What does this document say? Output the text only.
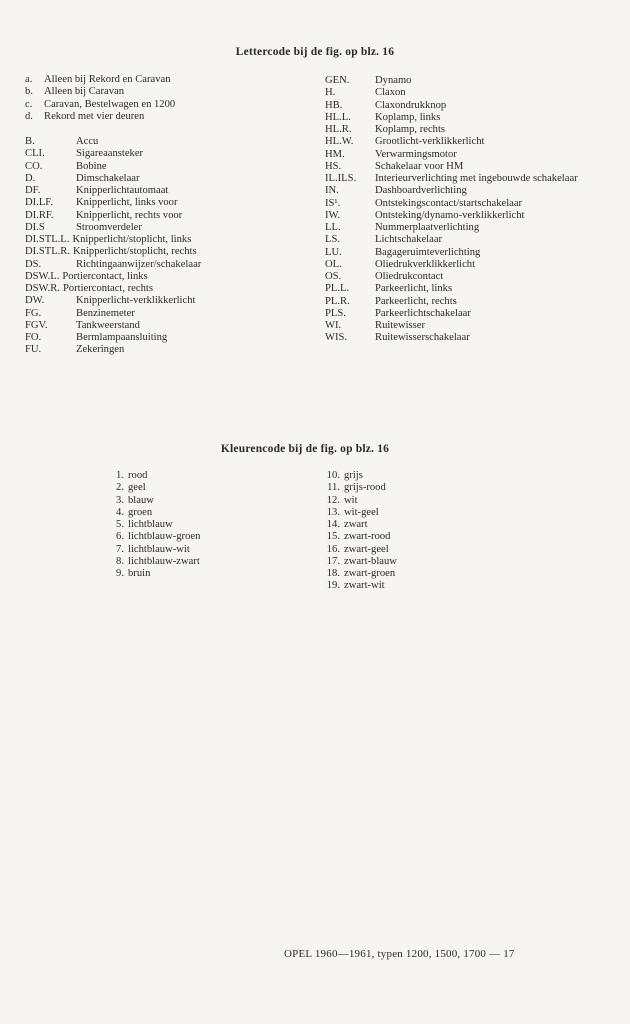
Lettercode bij de fig. op blz. 16
a. Alleen bij Rekord en Caravan
b. Alleen bij Caravan
c. Caravan, Bestelwagen en 1200
d. Rekord met vier deuren
B.	Accu
CLI.	Sigareaansteker
CO.	Bobine
D.	Dimschakelaar
DF.	Knipperlichtautomaat
DI.LF. Knipperlicht, links voor
DI.RF. Knipperlicht, rechts voor
DI.S	Stroomverdeler
DI.STL.L. Knipperlicht/stoplicht, links
DI.STL.R. Knipperlicht/stoplicht, rechts
DS.	Richtingaanwijzer/schakelaar
DSW.L. Portiercontact, links
DSW.R. Portiercontact, rechts
DW.	Knipperlicht-verklikkerlicht
FG.	Benzinemeter
FGV.	Tankweerstand
FO.	Bermlampaansluiting
FU.	Zekeringen
GEN. Dynamo
H.	Claxon
HB.	Claxondrukknop
HL.L. Koplamp, links
HL.R. Koplamp, rechts
HL.W. Grootlicht-verklikkerlicht
HM.	Verwarmingsmotor
HS.	Schakelaar voor HM
IL.ILS. Interieurverlichting met ingebouwde schakelaar
IN.	Dashboardverlichting
IS¹.	Ontstekingscontact/startschakelaar
IW.	Ontsteking/dynamo-verklikkerlicht
LL.	Nummerplaatverlichting
LS.	Lichtschakelaar
LU.	Bagageruimteverlichting
OL.	Oliedrukverklikkerlicht
OS.	Oliedrukcontact
PL.L. Parkeerlicht, links
PL.R. Parkeerlicht, rechts
PLS.	Parkeerlichtschakelaar
WI.	Ruitewisser
WIS.	Ruitewisserschakelaar
Kleurencode bij de fig. op blz. 16
1. rood
2. geel
3. blauw
4. groen
5. lichtblauw
6. lichtblauw-groen
7. lichtblauw-wit
8. lichtblauw-zwart
9. bruin
10. grijs
11. grijs-rood
12. wit
13. wit-geel
14. zwart
15. zwart-rood
16. zwart-geel
17. zwart-blauw
18. zwart-groen
19. zwart-wit
OPEL 1960—1961, typen 1200, 1500, 1700 — 17
